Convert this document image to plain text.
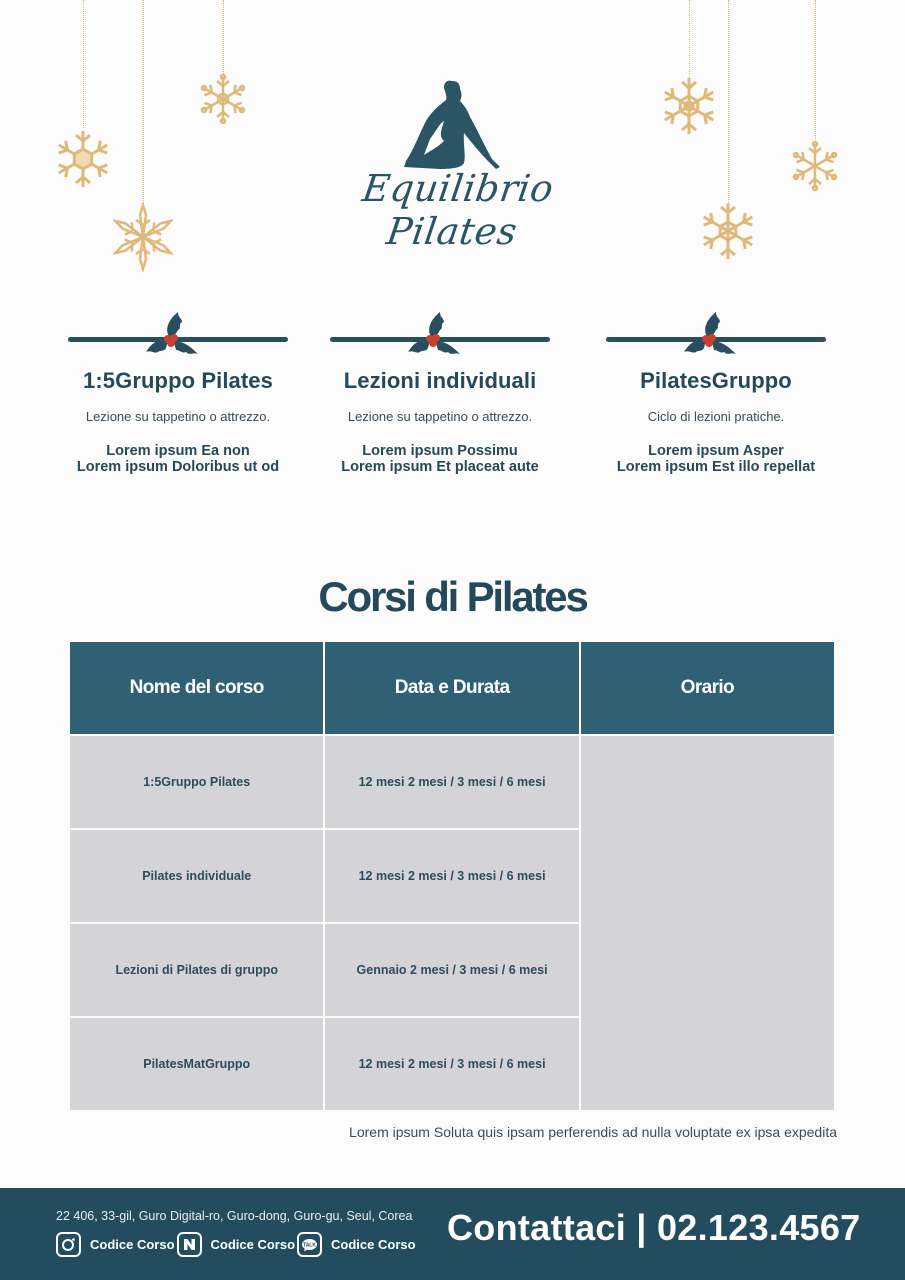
Equilibrio Pilates
1:5Gruppo Pilates
Lezione su tappetino o attrezzo.
Lorem ipsum Ea non
Lorem ipsum Doloribus ut od
Lezioni individuali
Lezione su tappetino o attrezzo.
Lorem ipsum Possimu
Lorem ipsum Et placeat aute
PilatesGruppo
Ciclo di lezioni pratiche.
Lorem ipsum Asper
Lorem ipsum Est illo repellat
Corsi di Pilates
Nome del corso	Data e Durata	Orario
1:5Gruppo Pilates	12 mesi 2 mesi / 3 mesi / 6 mesi	
Pilates individuale	12 mesi 2 mesi / 3 mesi / 6 mesi	
Lezioni di Pilates di gruppo	Gennaio 2 mesi / 3 mesi / 6 mesi	
PilatesMatGruppo	12 mesi 2 mesi / 3 mesi / 6 mesi	
Lorem ipsum Soluta quis ipsam perferendis ad nulla voluptate ex ipsa expedita
22 406, 33-gil, Guro Digital-ro, Guro-dong, Guro-gu, Seul, Corea
Codice Corso	Codice Corso TALK Codice Corso Contattaci | 02.123.4567
